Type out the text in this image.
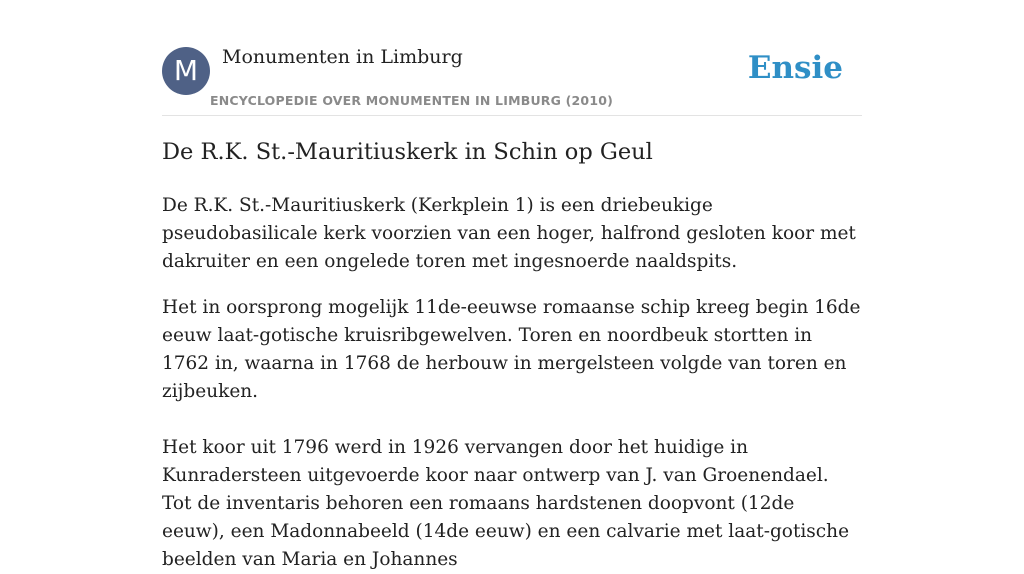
M	Monumenten in Limburg
ENCYCLOPEDIE OVER MONUMENTEN IN LIMBURG (2010)
Ensie
De R.K. St.-Mauritiuskerk in Schin op Geul

De R.K. St.-Mauritiuskerk (Kerkplein 1) is een driebeukige pseudobasilicale kerk voorzien van een hoger, halfrond gesloten koor met dakruiter en een ongelede toren met ingesnoerde naaldspits.

Het in oorsprong mogelijk 11de-eeuwse romaanse schip kreeg begin 16de eeuw laat-gotische kruisribgewelven. Toren en noordbeuk stortten in 1762 in, waarna in 1768 de herbouw in mergelsteen volgde van toren en zijbeuken.

Het koor uit 1796 werd in 1926 vervangen door het huidige in Kunradersteen uitgevoerde koor naar ontwerp van J. van Groenendael. Tot de inventaris behoren een romaans hardstenen doopvont (12de eeuw), een Madonnabeeld (14de eeuw) en een calvarie met laat-gotische beelden van Maria en Johannes
